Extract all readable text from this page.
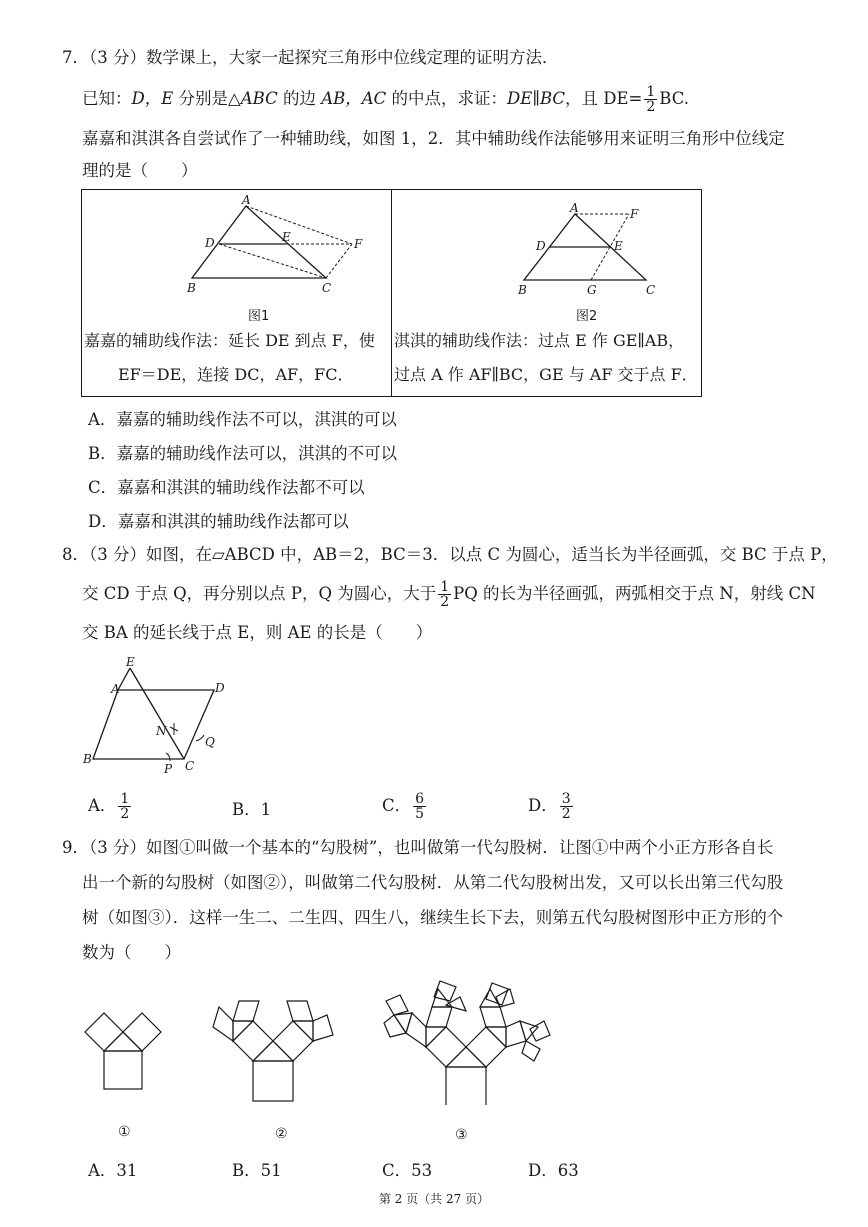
7．（3 分）数学课上，大家一起探究三角形中位线定理的证明方法．
已知：D，E 分别是△ABC 的边 AB，AC 的中点，求证：DE∥BC，且 $DE= \frac{1}{2}$ BC.
嘉嘉和淇淇各自尝试作了一种辅助线，如图 1，2．其中辅助线作法能够用来证明三角形中位线定
理的是（　　）
A
D	E	F
B	C
图1
嘉嘉的辅助线作法：延长 DE 到点 F，使
EF＝DE，连接 DC，AF，FC．

A	F
D	E
B	G	C
图2
淇淇的辅助线作法：过点 E 作 GE∥AB，
过点 A 作 AF∥BC，GE 与 AF 交于点 F．
A．嘉嘉的辅助线作法不可以，淇淇的可以
B．嘉嘉的辅助线作法可以，淇淇的不可以
C．嘉嘉和淇淇的辅助线作法都不可以
D．嘉嘉和淇淇的辅助线作法都可以
8．（3 分）如图，在▱ABCD 中，AB＝2，BC＝3．以点 C 为圆心，适当长为半径画弧，交 BC 于点 P，
交 CD 于点 Q，再分别以点 P，Q 为圆心，大于 $\frac{1}{2}$ PQ 的长为半径画弧，两弧相交于点 N，射线 CN
交 BA 的延长线于点 E，则 AE 的长是（　　）
E
A	D
N
Q
B
P C
A． $\frac{1}{2}$	B．1	C． $\frac{6}{5}$	D． $\frac{3}{2}$
9．（3 分）如图①叫做一个基本的“勾股树”，也叫做第一代勾股树．让图①中两个小正方形各自长
出一个新的勾股树（如图②），叫做第二代勾股树．从第二代勾股树出发，又可以长出第三代勾股
树（如图③）．这样一生二、二生四、四生八，继续生长下去，则第五代勾股树图形中正方形的个
数为（　　）
①	②	③
A．31	B．51	C．53	D．63
第 2 页（共 27 页）
